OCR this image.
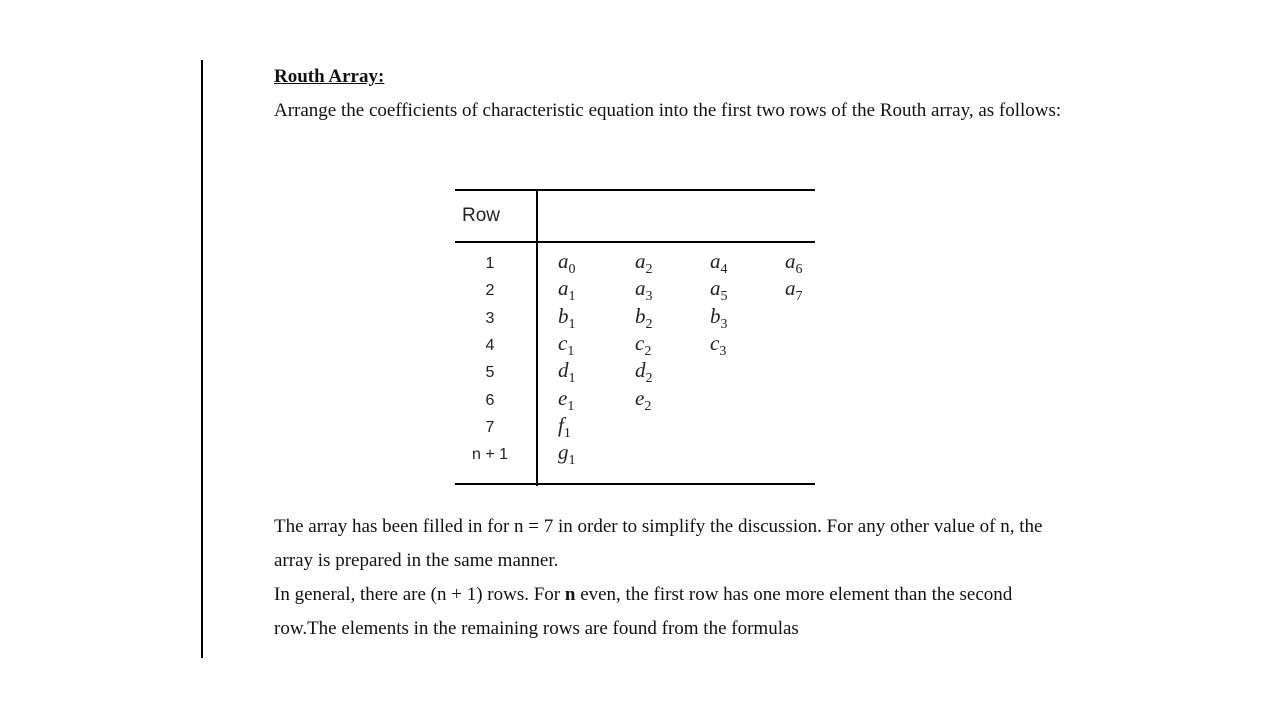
Routh Array:
Arrange the coefficients of characteristic equation into the first two rows of the Routh array, as follows:
Row
1	$a_0$	$a_2$	$a_4$	$a_6$
2	$a_1$	$a_3$	$a_5$	$a_7$
3	$b_1$	$b_2$	$b_3$
4	$c_1$	$c_2$	$c_3$
5	$d_1$	$d_2$
6	$e_1$	$e_2$
7	$f_1$
n + 1	$g_1$
The array has been filled in for n = 7 in order to simplify the discussion. For any other value of n, the array is prepared in the same manner.
In general, there are (n + 1) rows. For n even, the first row has one more element than the second row.The elements in the remaining rows are found from the formulas
